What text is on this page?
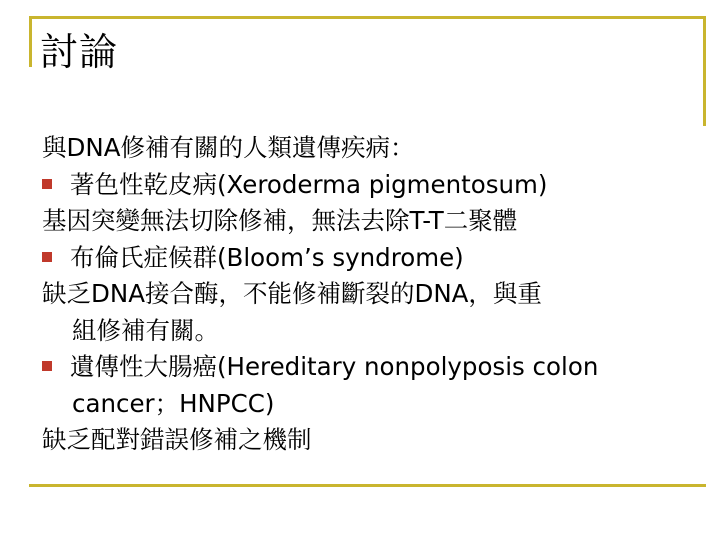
討論
與DNA修補有關的人類遺傳疾病：
著色性乾皮病(Xeroderma pigmentosum)
基因突變無法切除修補，無法去除T-T二聚體
布倫氏症候群(Bloom’s syndrome)
缺乏DNA接合酶，不能修補斷裂的DNA，與重
組修補有關。
遺傳性大腸癌(Hereditary nonpolyposis colon
cancer；HNPCC)
缺乏配對錯誤修補之機制
